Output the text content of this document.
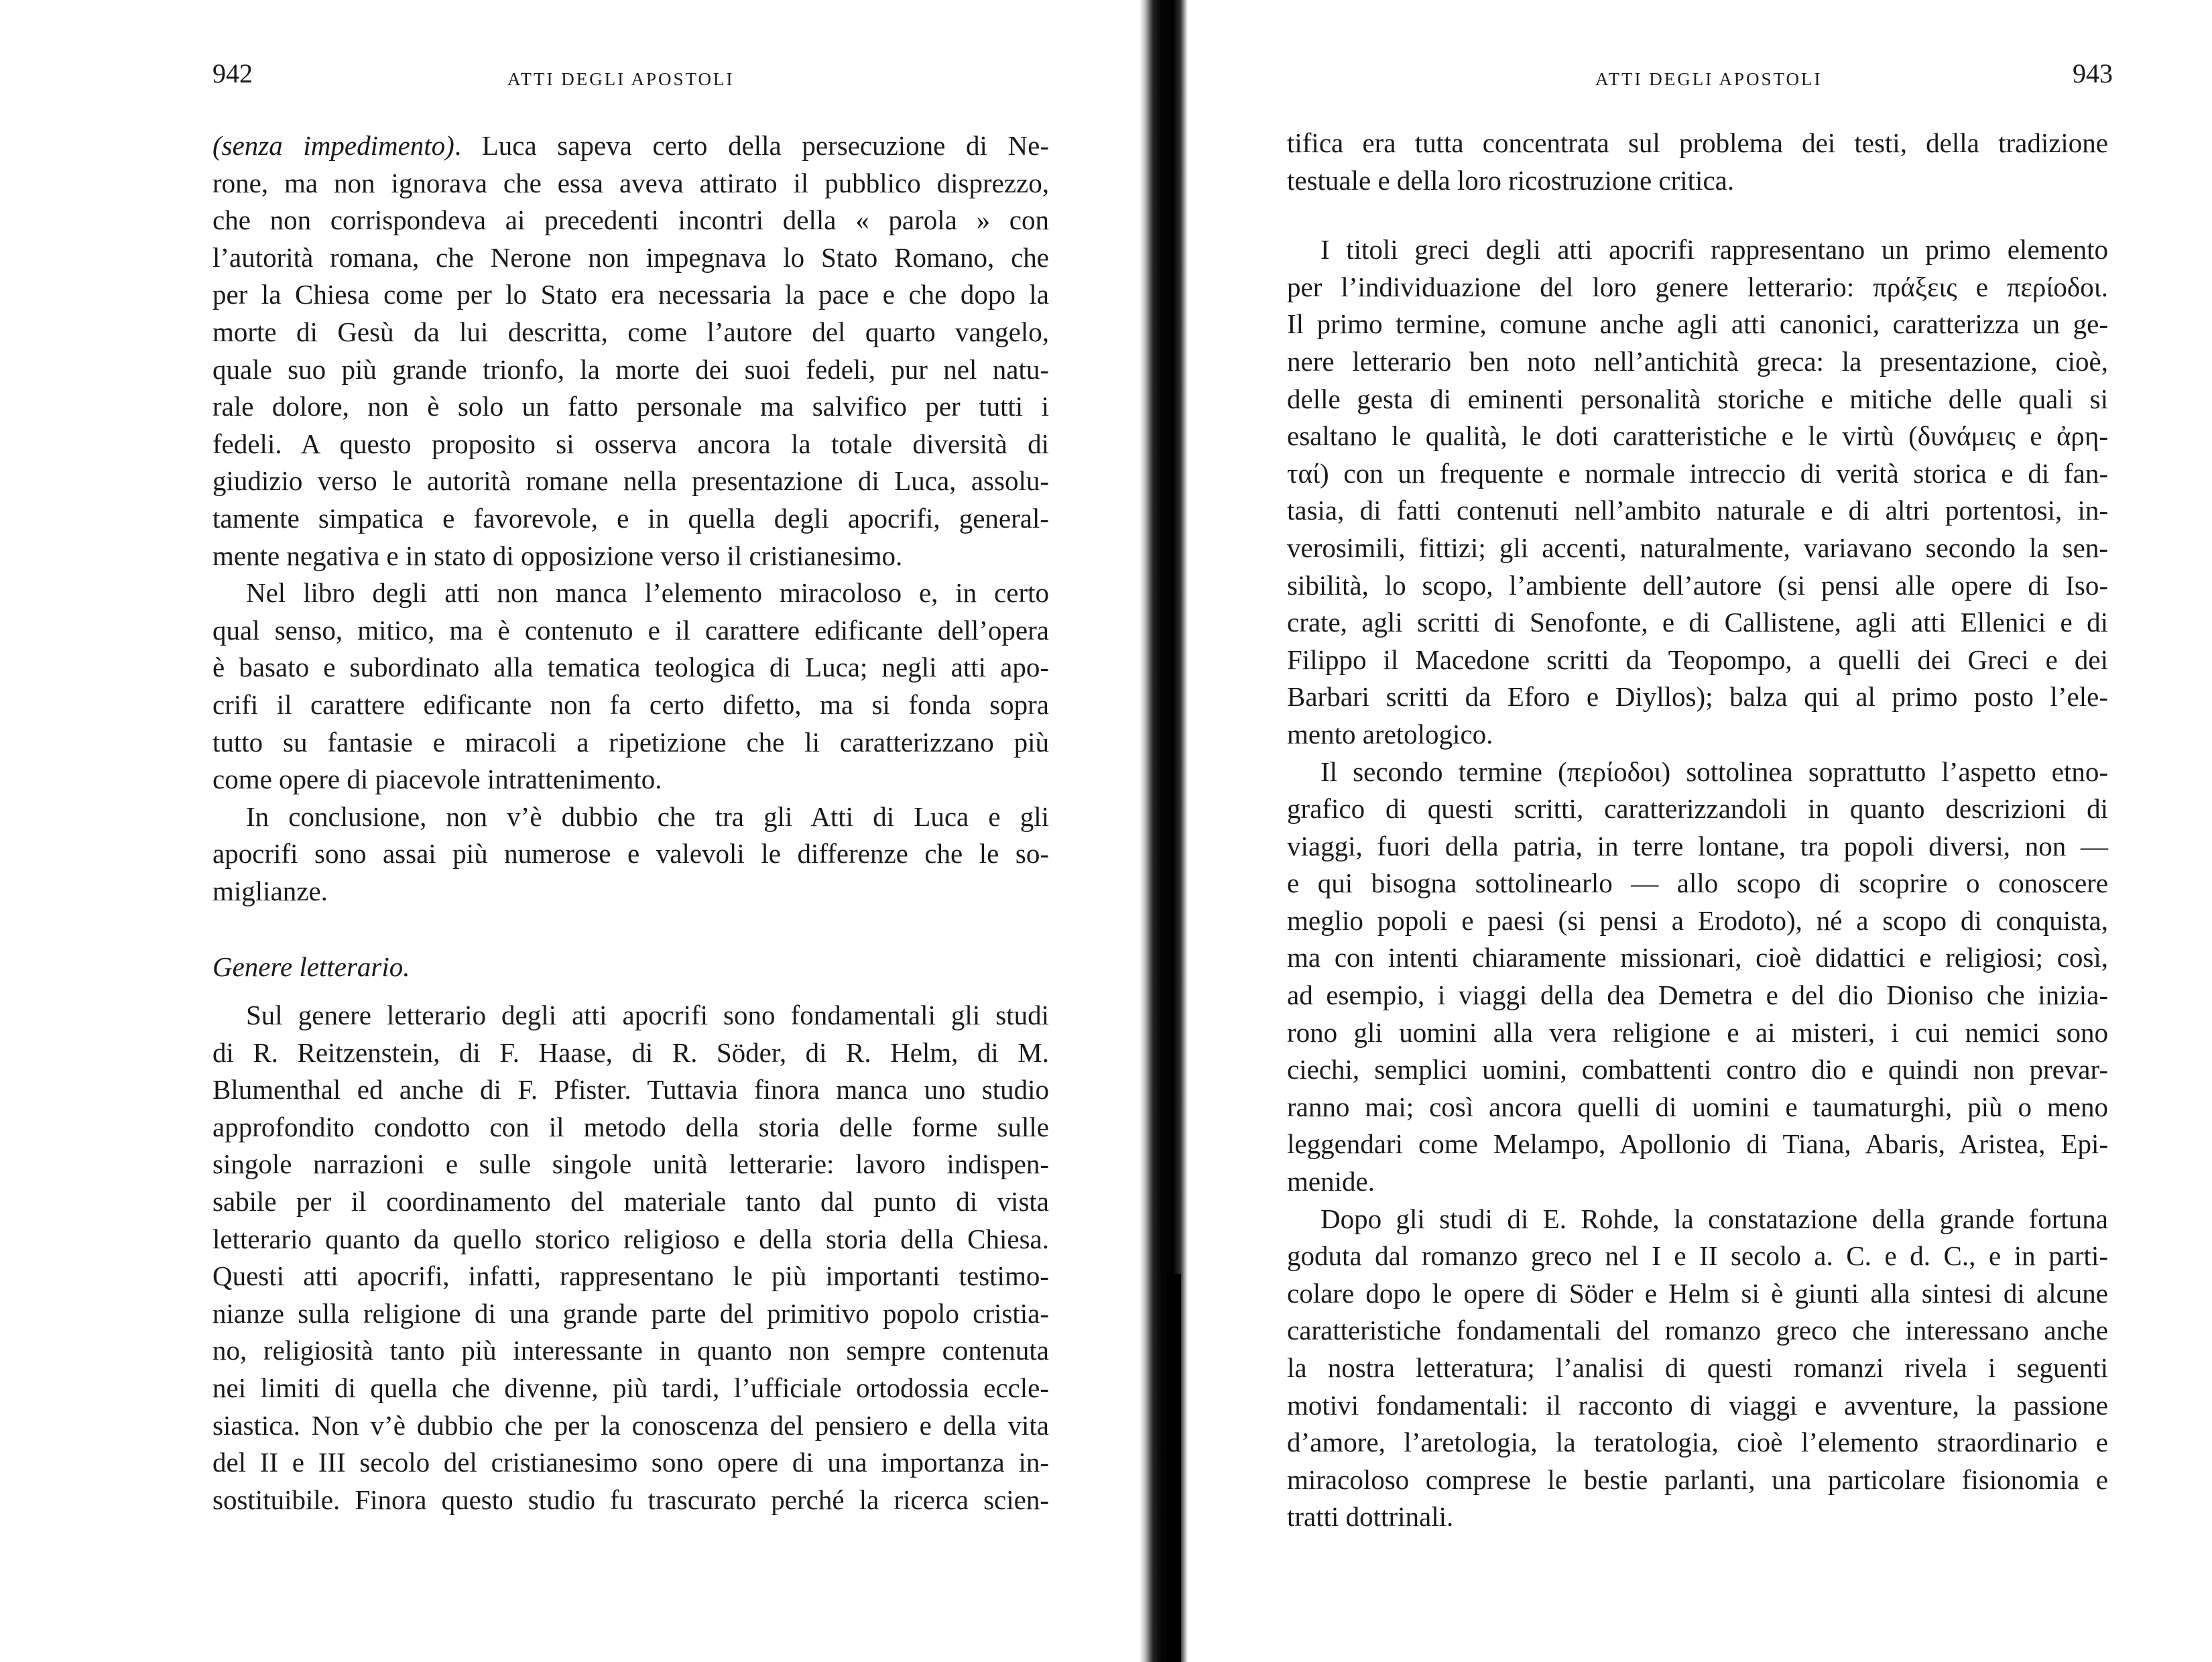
942	ATTI DEGLI APOSTOLI
(senza impedimento). Luca sapeva certo della persecuzione di Ne-
rone, ma non ignorava che essa aveva attirato il pubblico disprezzo,
che non corrispondeva ai precedenti incontri della « parola » con
l’autorità romana, che Nerone non impegnava lo Stato Romano, che
per la Chiesa come per lo Stato era necessaria la pace e che dopo la
morte di Gesù da lui descritta, come l’autore del quarto vangelo,
quale suo più grande trionfo, la morte dei suoi fedeli, pur nel natu-
rale dolore, non è solo un fatto personale ma salvifico per tutti i
fedeli. A questo proposito si osserva ancora la totale diversità di
giudizio verso le autorità romane nella presentazione di Luca, assolu-
tamente simpatica e favorevole, e in quella degli apocrifi, general-
mente negativa e in stato di opposizione verso il cristianesimo.
Nel libro degli atti non manca l’elemento miracoloso e, in certo
qual senso, mitico, ma è contenuto e il carattere edificante dell’opera
è basato e subordinato alla tematica teologica di Luca; negli atti apo-
crifi il carattere edificante non fa certo difetto, ma si fonda sopra
tutto su fantasie e miracoli a ripetizione che li caratterizzano più
come opere di piacevole intrattenimento.
In conclusione, non v’è dubbio che tra gli Atti di Luca e gli
apocrifi sono assai più numerose e valevoli le differenze che le so-
miglianze.
Genere letterario.
Sul genere letterario degli atti apocrifi sono fondamentali gli studi
di R. Reitzenstein, di F. Haase, di R. Söder, di R. Helm, di M.
Blumenthal ed anche di F. Pfister. Tuttavia finora manca uno studio
approfondito condotto con il metodo della storia delle forme sulle
singole narrazioni e sulle singole unità letterarie: lavoro indispen-
sabile per il coordinamento del materiale tanto dal punto di vista
letterario quanto da quello storico religioso e della storia della Chiesa.
Questi atti apocrifi, infatti, rappresentano le più importanti testimo-
nianze sulla religione di una grande parte del primitivo popolo cristia-
no, religiosità tanto più interessante in quanto non sempre contenuta
nei limiti di quella che divenne, più tardi, l’ufficiale ortodossia eccle-
siastica. Non v’è dubbio che per la conoscenza del pensiero e della vita
del II e III secolo del cristianesimo sono opere di una importanza in-
sostituibile. Finora questo studio fu trascurato perché la ricerca scien-
ATTI DEGLI APOSTOLI	943
tifica era tutta concentrata sul problema dei testi, della tradizione
testuale e della loro ricostruzione critica.
I titoli greci degli atti apocrifi rappresentano un primo elemento
per l’individuazione del loro genere letterario: πράξεις e περίοδοι.
Il primo termine, comune anche agli atti canonici, caratterizza un ge-
nere letterario ben noto nell’antichità greca: la presentazione, cioè,
delle gesta di eminenti personalità storiche e mitiche delle quali si
esaltano le qualità, le doti caratteristiche e le virtù (δυνάμεις e ἀρη-
ταί) con un frequente e normale intreccio di verità storica e di fan-
tasia, di fatti contenuti nell’ambito naturale e di altri portentosi, in-
verosimili, fittizi; gli accenti, naturalmente, variavano secondo la sen-
sibilità, lo scopo, l’ambiente dell’autore (si pensi alle opere di Iso-
crate, agli scritti di Senofonte, e di Callistene, agli atti Ellenici e di
Filippo il Macedone scritti da Teopompo, a quelli dei Greci e dei
Barbari scritti da Eforo e Diyllos); balza qui al primo posto l’ele-
mento aretologico.
Il secondo termine (περίοδοι) sottolinea soprattutto l’aspetto etno-
grafico di questi scritti, caratterizzandoli in quanto descrizioni di
viaggi, fuori della patria, in terre lontane, tra popoli diversi, non —
e qui bisogna sottolinearlo — allo scopo di scoprire o conoscere
meglio popoli e paesi (si pensi a Erodoto), né a scopo di conquista,
ma con intenti chiaramente missionari, cioè didattici e religiosi; così,
ad esempio, i viaggi della dea Demetra e del dio Dioniso che inizia-
rono gli uomini alla vera religione e ai misteri, i cui nemici sono
ciechi, semplici uomini, combattenti contro dio e quindi non prevar-
ranno mai; così ancora quelli di uomini e taumaturghi, più o meno
leggendari come Melampo, Apollonio di Tiana, Abaris, Aristea, Epi-
menide.
Dopo gli studi di E. Rohde, la constatazione della grande fortuna
goduta dal romanzo greco nel I e II secolo a. C. e d. C., e in parti-
colare dopo le opere di Söder e Helm si è giunti alla sintesi di alcune
caratteristiche fondamentali del romanzo greco che interessano anche
la nostra letteratura; l’analisi di questi romanzi rivela i seguenti
motivi fondamentali: il racconto di viaggi e avventure, la passione
d’amore, l’aretologia, la teratologia, cioè l’elemento straordinario e
miracoloso comprese le bestie parlanti, una particolare fisionomia e
tratti dottrinali.
